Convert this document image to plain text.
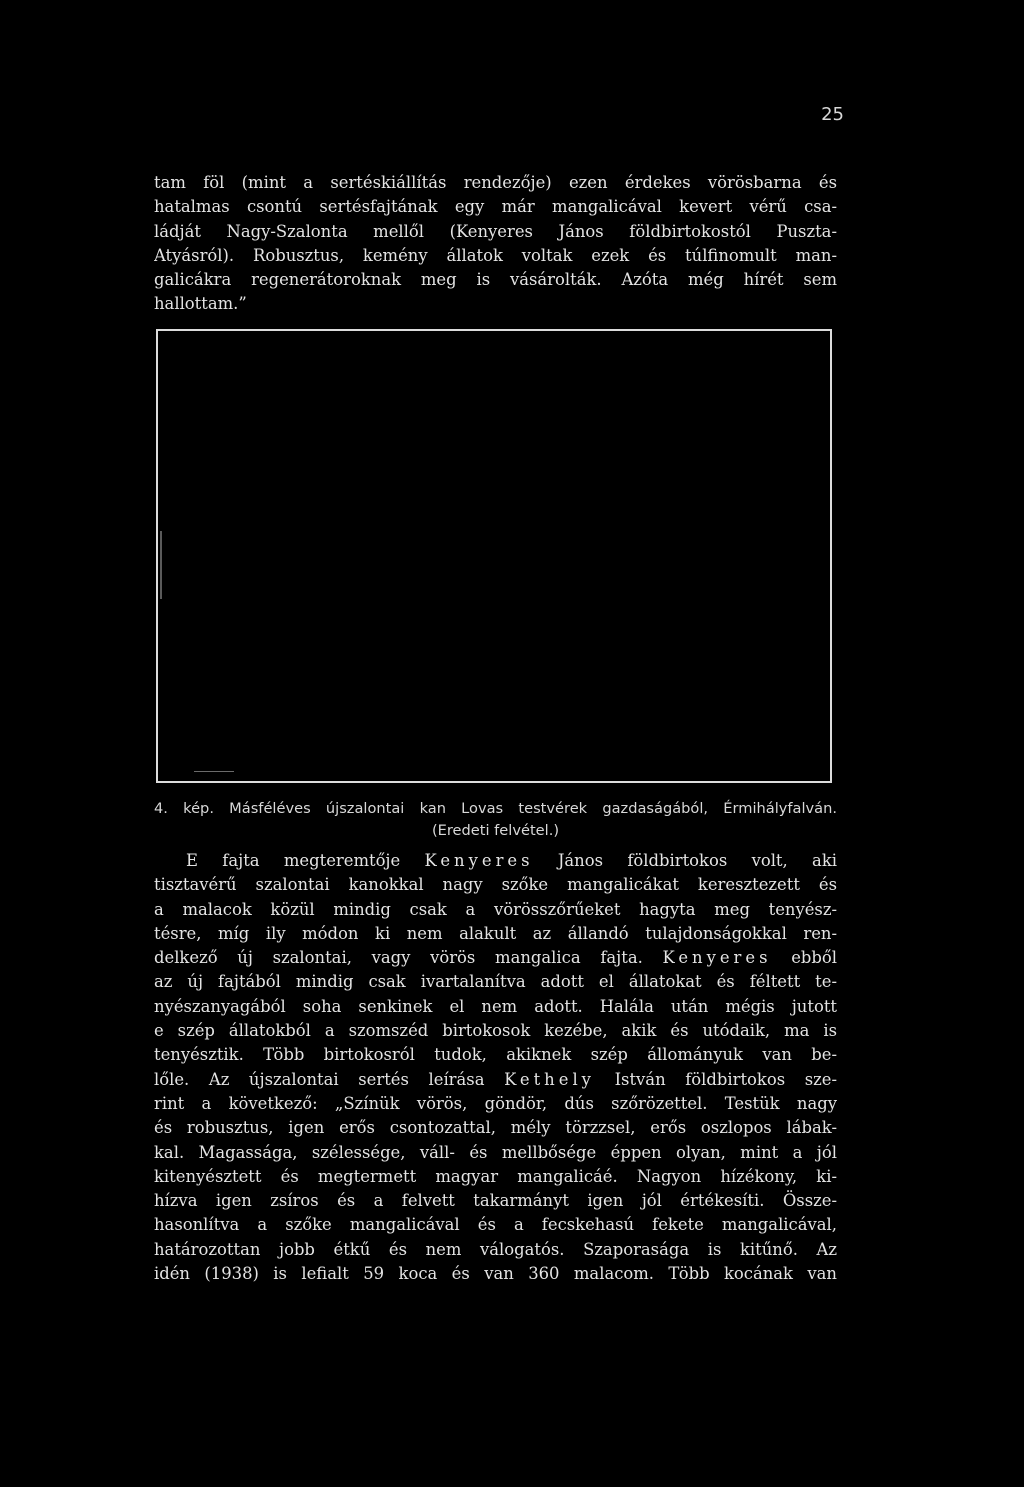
25
tam föl (mint a sertéskiállítás rendezője) ezen érdekes vörösbarna és
hatalmas csontú sertésfajtának egy már mangalicával kevert vérű csa-
ládját Nagy-Szalonta mellől (Kenyeres János földbirtokostól Puszta-
Atyásról). Robusztus, kemény állatok voltak ezek és túlfinomult man-
galicákra regenerátoroknak meg is vásárolták. Azóta még hírét sem
hallottam.”
4. kép. Másféléves újszalontai kan Lovas testvérek gazdaságából, Érmihályfalván.
(Eredeti felvétel.)
E fajta megteremtője Kenyeres János földbirtokos volt, aki
tisztavérű szalontai kanokkal nagy szőke mangalicákat keresztezett és
a malacok közül mindig csak a vörösszőrűeket hagyta meg tenyész-
tésre, míg ily módon ki nem alakult az állandó tulajdonságokkal ren-
delkező új szalontai, vagy vörös mangalica fajta. Kenyeres ebből
az új fajtából mindig csak ivartalanítva adott el állatokat és féltett te-
nyészanyagából soha senkinek el nem adott. Halála után mégis jutott
e szép állatokból a szomszéd birtokosok kezébe, akik és utódaik, ma is
tenyésztik. Több birtokosról tudok, akiknek szép állományuk van be-
lőle. Az újszalontai sertés leírása Kethely István földbirtokos sze-
rint a következő: „Színük vörös, göndör, dús szőrözettel. Testük nagy
és robusztus, igen erős csontozattal, mély törzzsel, erős oszlopos lábak-
kal. Magassága, szélessége, váll- és mellbősége éppen olyan, mint a jól
kitenyésztett és megtermett magyar mangalicáé. Nagyon hízékony, ki-
hízva igen zsíros és a felvett takarmányt igen jól értékesíti. Össze-
hasonlítva a szőke mangalicával és a fecskehasú fekete mangalicával,
határozottan jobb étkű és nem válogatós. Szaporasága is kitűnő. Az
idén (1938) is lefialt 59 koca és van 360 malacom. Több kocának van
